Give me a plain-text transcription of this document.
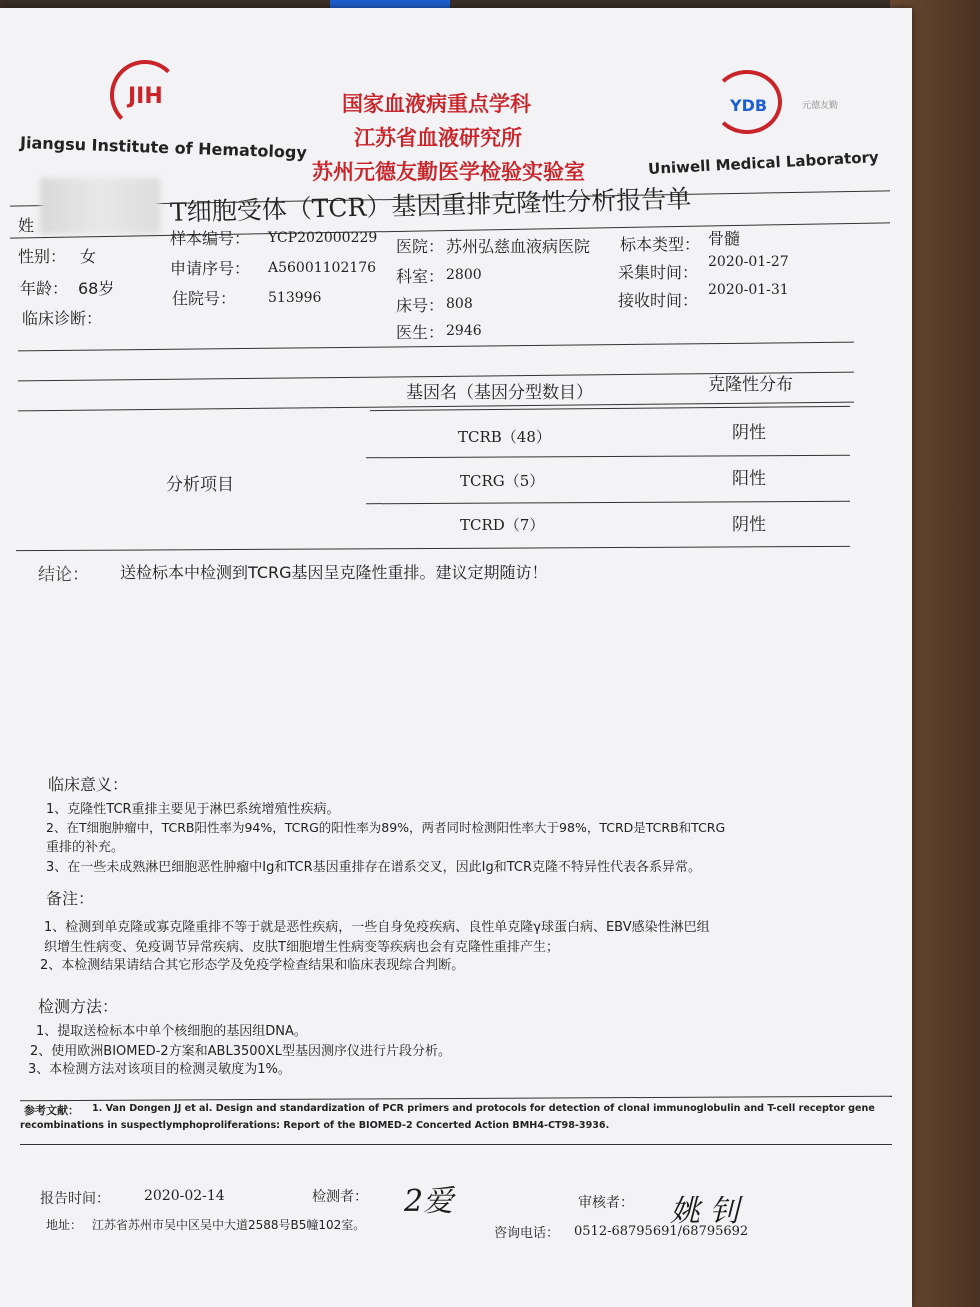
JIH
Jiangsu Institute of Hematology
国家血液病重点学科
江苏省血液研究所
苏州元德友勤医学检验实验室
YDB	元德友勤
Uniwell Medical Laboratory
T细胞受体（TCR）基因重排克隆性分析报告单
姓
性别： 女
年龄： 68岁
临床诊断：
样本编号： YCP202000229
申请序号： A56001102176
住院号： 513996
医院： 苏州弘慈血液病医院
科室： 2800
床号： 808
医生： 2946
标本类型： 骨髓
采集时间：
2020-01-27
接收时间：
2020-01-31
基因名（基因分型数目）	克隆性分布
分析项目
TCRB（48）	阴性
TCRG（5）	阳性
TCRD（7）	阴性
结论： 送检标本中检测到TCRG基因呈克隆性重排。建议定期随访！
临床意义：
1、克隆性TCR重排主要见于淋巴系统增殖性疾病。
2、在T细胞肿瘤中，TCRB阳性率为94%，TCRG的阳性率为89%，两者同时检测阳性率大于98%，TCRD是TCRB和TCRG
重排的补充。
3、在一些未成熟淋巴细胞恶性肿瘤中Ig和TCR基因重排存在谱系交叉，因此Ig和TCR克隆不特异性代表各系异常。
备注：
1、检测到单克隆或寡克隆重排不等于就是恶性疾病，一些自身免疫疾病、良性单克隆γ球蛋白病、EBV感染性淋巴组
织增生性病变、免疫调节异常疾病、皮肤T细胞增生性病变等疾病也会有克隆性重排产生；
2、本检测结果请结合其它形态学及免疫学检查结果和临床表现综合判断。
检测方法：
1、提取送检标本中单个核细胞的基因组DNA。
2、使用欧洲BIOMED-2方案和ABL3500XL型基因测序仪进行片段分析。
3、本检测方法对该项目的检测灵敏度为1%。
参考文献： 1. Van Dongen JJ et al. Design and standardization of PCR primers and protocols for detection of clonal immunoglobulin and T-cell receptor gene
recombinations in suspectlymphoproliferations: Report of the BIOMED-2 Concerted Action BMH4-CT98-3936.
报告时间： 2020-02-14	检测者： 2爱	审核者： 姚 钊
地址： 江苏省苏州市吴中区吴中大道2588号B5幢102室。
咨询电话： 0512-68795691/68795692
